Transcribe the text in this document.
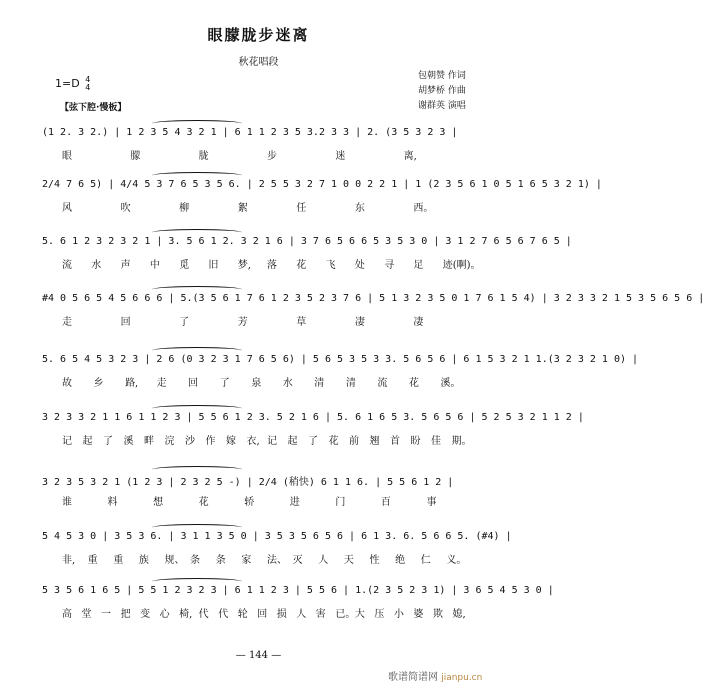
眼朦胧步迷离
秋花唱段
包朝赞 作词
胡梦桥 作曲
谢群英 演唱
1=D 4
4
【弦下腔·慢板】
(1 2. 3 2.) | 1 2 3 5 4 3 2 1 | 6 1 1 2 3 5 3.2 3 3 | 2. (3 5 3 2 3 |
眼	朦	胧	步	迷	离,
2/4 7 6 5) | 4/4 5 3 7 6 5 3 5 6. | 2 5 5 3 2 7 1 0 0 2 2 1 | 1 (2 3 5 6 1 0 5 1 6 5 3 2 1) |
风	吹	柳	絮	任	东	西。
5. 6 1 2 3 2 3 2 1 | 3. 5 6 1 2. 3 2 1 6 | 3 7 6 5 6 6 5 3 5 3 0 | 3 1 2 7 6 5 6 7 6 5 |
流 水 声 中 觅 旧 梦, 落 花 飞 处 寻 足 迹(啊)。
#4 0 5 6 5 4 5 6 6 6 | 5.(3 5 6 1 7 6 1 2 3 5 2 3 7 6 | 5 1 3 2 3 5 0 1 7 6 1 5 4) | 3 2 3 3 2 1 5 3 5 6 5 6 |
走	回	了	芳	草	凄	凄
5. 6 5 4 5 3 2 3 | 2 6 (0 3 2 3 1 7 6 5 6) | 5 6 5 3 5 3 3. 5 6 5 6 | 6 1 5 3 2 1 1.(3 2 3 2 1 0) |
故 乡 路, 走 回 了 泉 水 清 清 流 花 溪。
3 2 3 3 2 1 1 6 1 1 2 3 | 5 5 6 1 2 3. 5 2 1 6 | 5. 6 1 6 5 3. 5 6 5 6 | 5 2 5 3 2 1 1 2 |
记 起 了 溪 畔 浣 沙 作 嫁 衣, 记 起 了 花 前 翘 首 盼 佳 期。
3 2 3 5 3 2 1 (1 2 3 | 2 3 2 5 -) | 2/4 (稍快) 6 1 1 6. | 5 5 6 1 2 |
谁	料	想	花	轿	进	门	百	事
5 4 5 3 0 | 3 5 3 6. | 3 1 1 3 5 0 | 3 5 3 5 6 5 6 | 6 1 3. 6. 5 6 6 5. (#4) |
非, 重 重 族 规、 条 条 家 法、 灭 人 天 性 绝 仁 义。
5 3 5 6 1 6 5 | 5 5 1 2 3 2 3 | 6 1 1 2 3 | 5 5 6 | 1.(2 3 5 2 3 1) | 3 6 5 4 5 3 0 |
高 堂 一 把 变 心 椅, 代 代 轮 回 损 人 害 已。 大 压 小 婆 欺 媳,
— 144 —
歌谱简谱网 jianpu.cn
